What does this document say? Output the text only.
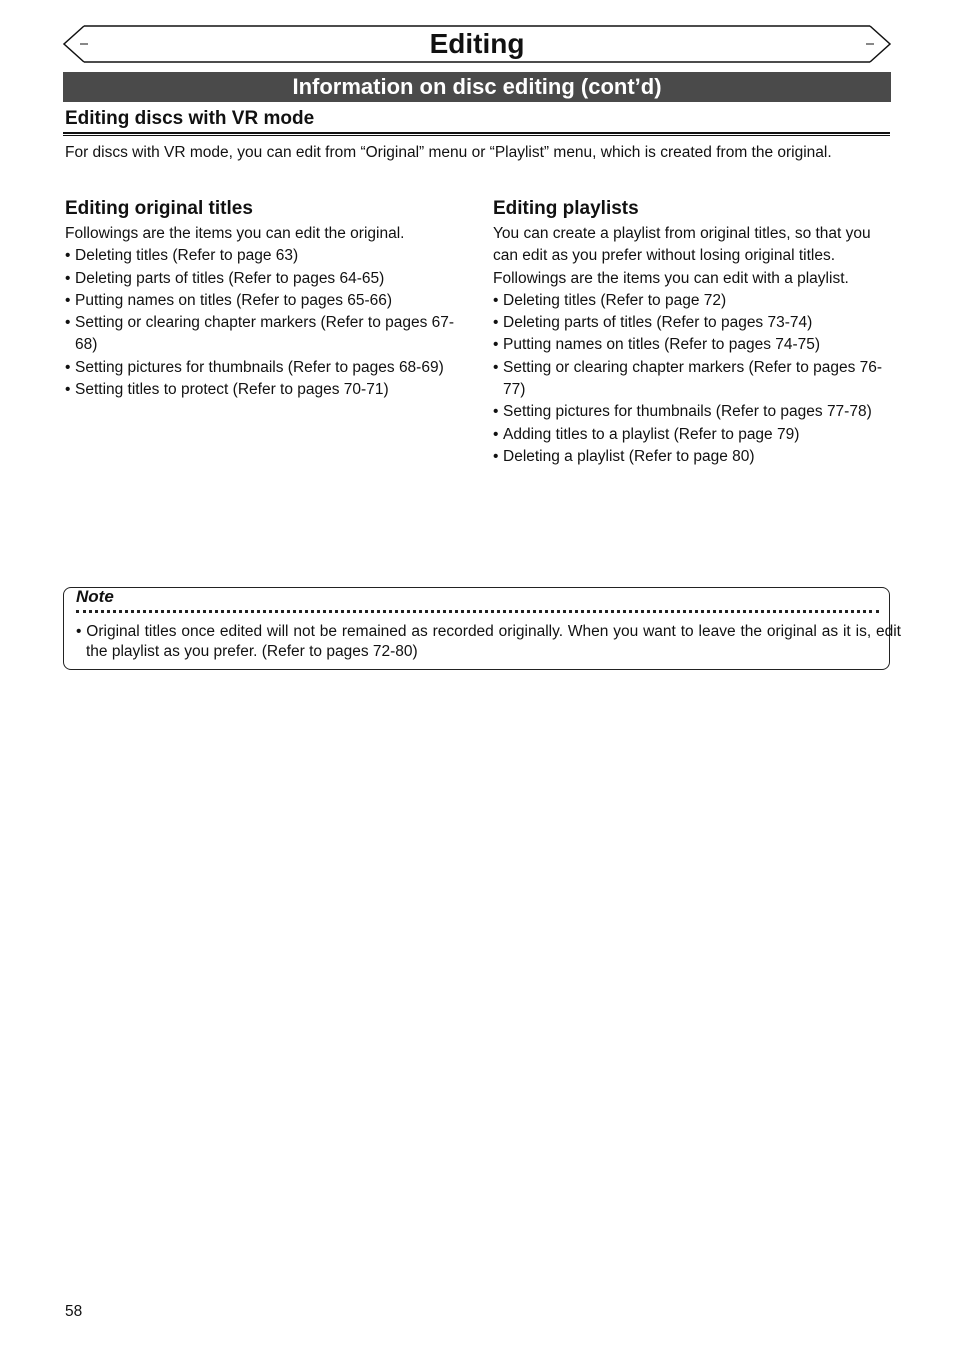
Editing
Information on disc editing (cont’d)
Editing discs with VR mode
For discs with VR mode, you can edit from “Original” menu or “Playlist” menu, which is created from the original.
Editing original titles

Followings are the items you can edit the original.

• Deleting titles (Refer to page 63)
• Deleting parts of titles (Refer to pages 64-65)
• Putting names on titles (Refer to pages 65-66)
• Setting or clearing chapter markers (Refer to pages 67-68)
• Setting pictures for thumbnails (Refer to pages 68-69)
• Setting titles to protect (Refer to pages 70-71)
Editing playlists

You can create a playlist from original titles, so that you can edit as you prefer without losing original titles.

Followings are the items you can edit with a playlist.

• Deleting titles (Refer to page 72)
• Deleting parts of titles (Refer to pages 73-74)
• Putting names on titles (Refer to pages 74-75)
• Setting or clearing chapter markers (Refer to pages 76-77)
• Setting pictures for thumbnails (Refer to pages 77-78)
• Adding titles to a playlist (Refer to page 79)
• Deleting a playlist (Refer to page 80)
Note
• Original titles once edited will not be remained as recorded originally. When you want to leave the original as it is, edit the playlist as you prefer. (Refer to pages 72-80)
58
